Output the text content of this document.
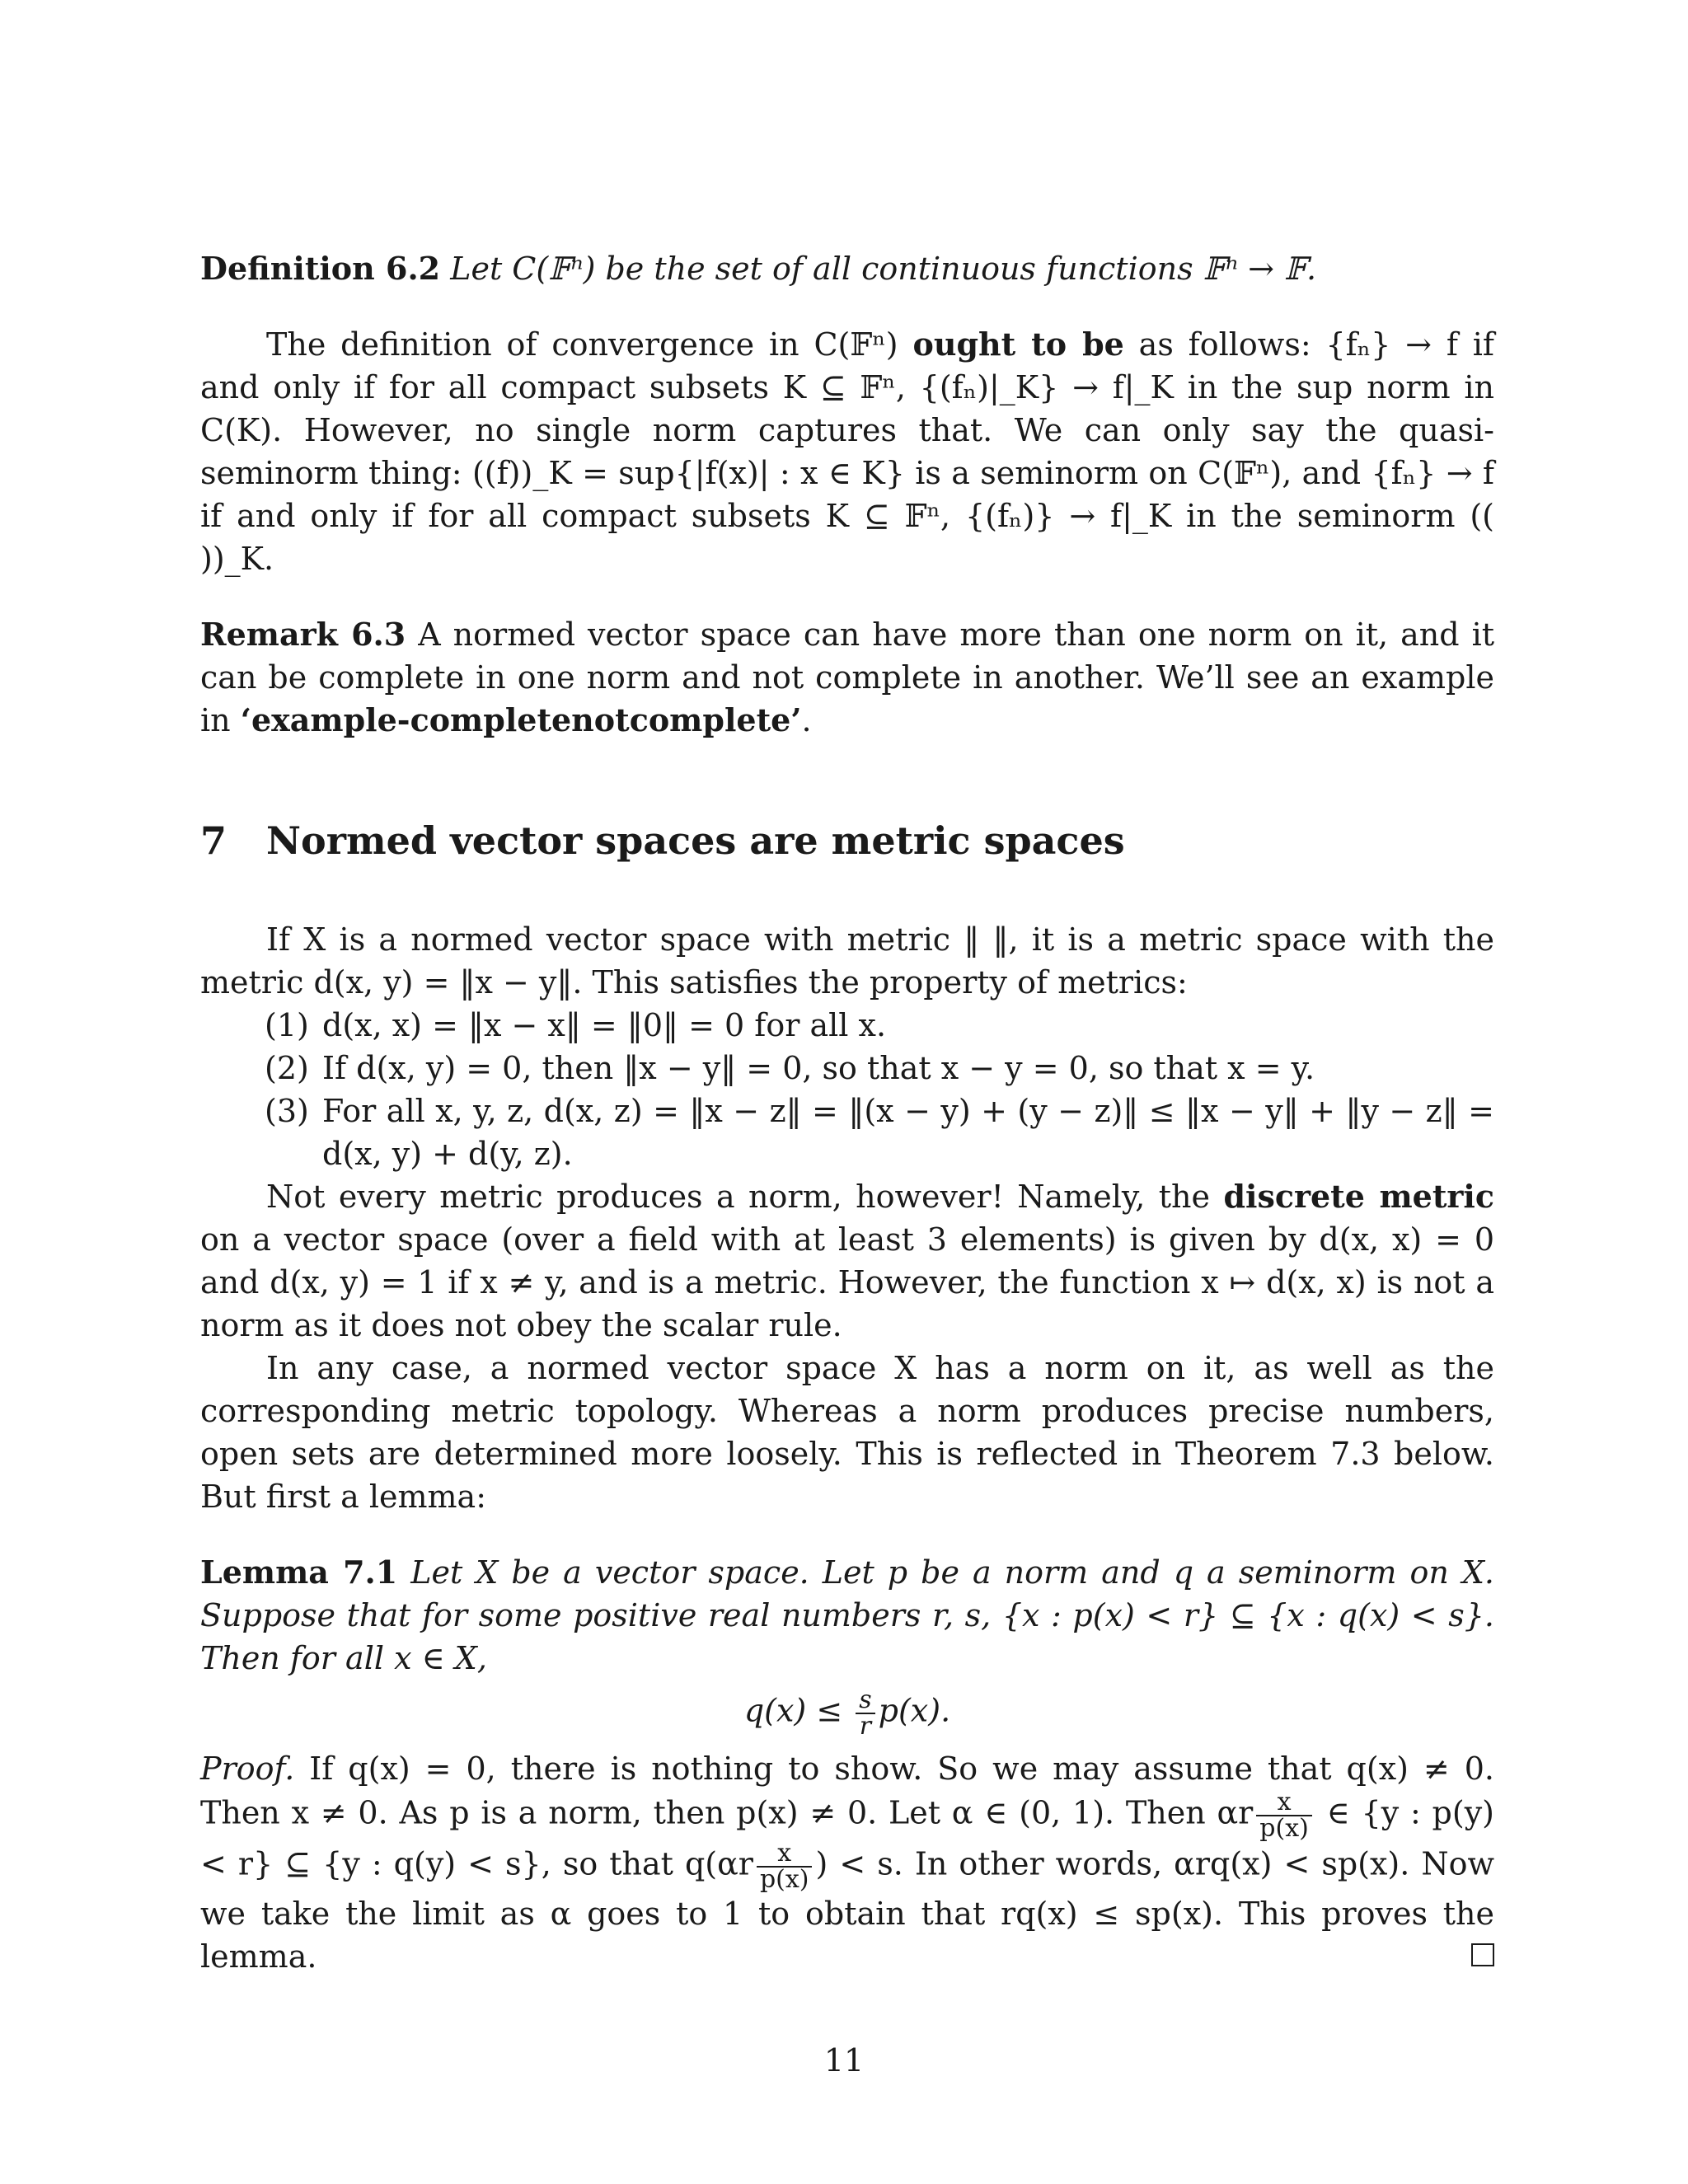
Definition 6.2 Let C(𝔽ⁿ) be the set of all continuous functions 𝔽ⁿ → 𝔽.

The definition of convergence in C(𝔽ⁿ) ought to be as follows: {fₙ} → f if and only if for all compact subsets K ⊆ 𝔽ⁿ, {(fₙ)|_K} → f|_K in the sup norm in C(K). However, no single norm captures that. We can only say the quasi-seminorm thing: ((f))_K = sup{|f(x)| : x ∈ K} is a seminorm on C(𝔽ⁿ), and {fₙ} → f if and only if for all compact subsets K ⊆ 𝔽ⁿ, {(fₙ)} → f|_K in the seminorm (( ))_K.

Remark 6.3 A normed vector space can have more than one norm on it, and it can be complete in one norm and not complete in another. We’ll see an example in ‘example-completenotcomplete’.

7 Normed vector spaces are metric spaces

If X is a normed vector space with metric ‖ ‖, it is a metric space with the metric d(x, y) = ‖x − y‖. This satisfies the property of metrics:

(1) d(x, x) = ‖x − x‖ = ‖0‖ = 0 for all x.
(2) If d(x, y) = 0, then ‖x − y‖ = 0, so that x − y = 0, so that x = y.
(3) For all x, y, z, d(x, z) = ‖x − z‖ = ‖(x − y) + (y − z)‖ ≤ ‖x − y‖ + ‖y − z‖ = d(x, y) + d(y, z).

Not every metric produces a norm, however! Namely, the discrete metric on a vector space (over a field with at least 3 elements) is given by d(x, x) = 0 and d(x, y) = 1 if x ≠ y, and is a metric. However, the function x ↦ d(x, x) is not a norm as it does not obey the scalar rule.

In any case, a normed vector space X has a norm on it, as well as the corresponding metric topology. Whereas a norm produces precise numbers, open sets are determined more loosely. This is reflected in Theorem 7.3 below. But first a lemma:

Lemma 7.1 Let X be a vector space. Let p be a norm and q a seminorm on X. Suppose that for some positive real numbers r, s, {x : p(x) < r} ⊆ {x : q(x) < s}. Then for all x ∈ X,

$q(x) \le \frac{s}{r} p(x)$.

Proof. If q(x) = 0, there is nothing to show. So we may assume that q(x) ≠ 0. Then x ≠ 0. As p is a norm, then p(x) ≠ 0. Let α ∈ (0, 1). Then αr $\frac{x}{p(x)}$ ∈ {y : p(y) < r} ⊆ {y : q(y) < s}, so that $q(\alpha r \frac{x}{p(x)}$ ) < s. In other words, αrq(x) < sp(x). Now we take the limit as α goes to 1 to obtain that rq(x) ≤ sp(x). This proves the lemma.

11
